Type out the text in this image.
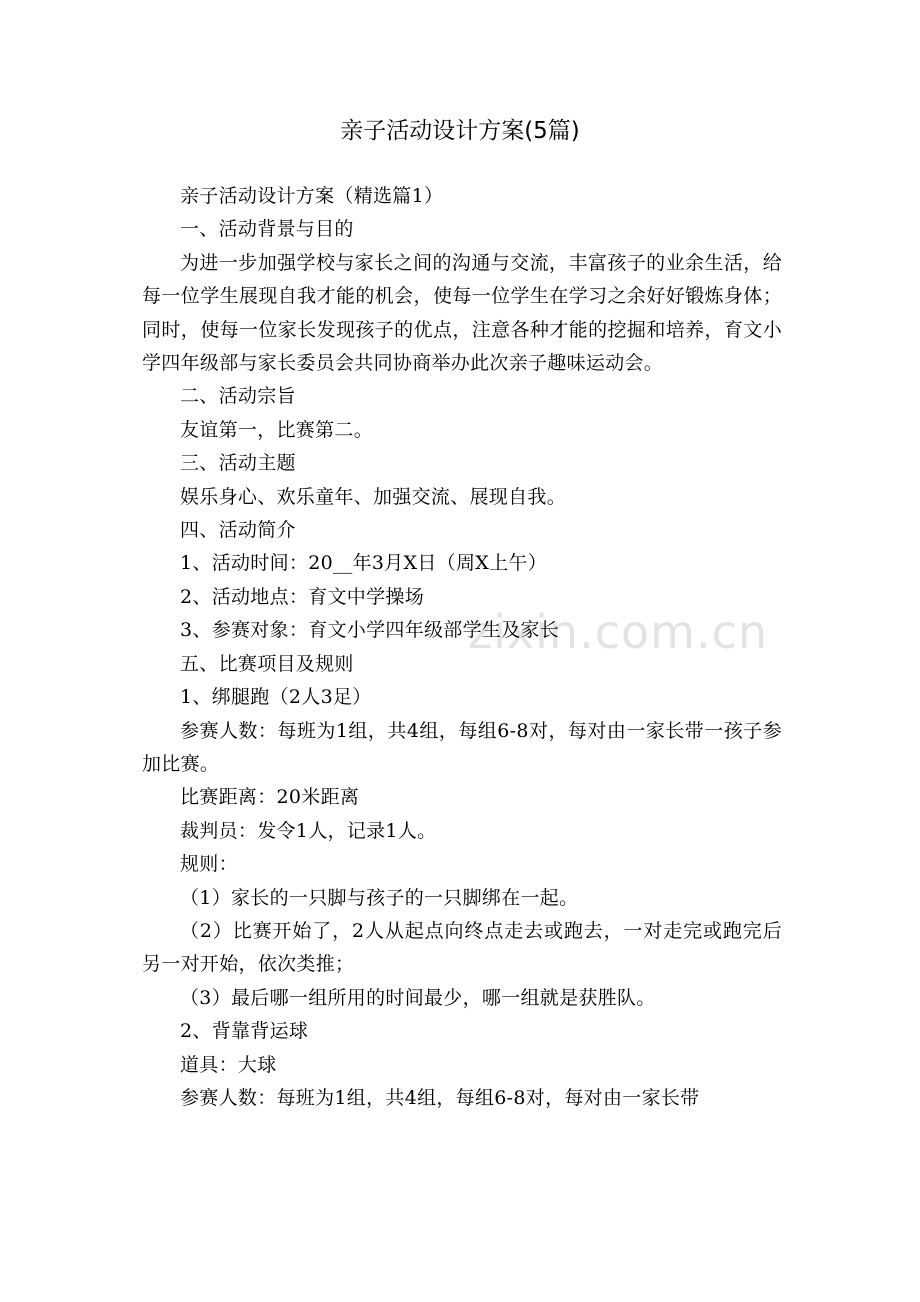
zixin.com.cn
亲子活动设计方案(5篇)

亲子活动设计方案（精选篇1）

一、活动背景与目的

为进一步加强学校与家长之间的沟通与交流，丰富孩子的业余生活，给每一位学生展现自我才能的机会，使每一位学生在学习之余好好锻炼身体；同时，使每一位家长发现孩子的优点，注意各种才能的挖掘和培养，育文小学四年级部与家长委员会共同协商举办此次亲子趣味运动会。

二、活动宗旨

友谊第一，比赛第二。

三、活动主题

娱乐身心、欢乐童年、加强交流、展现自我。

四、活动简介

1、活动时间：20__年3月X日（周X上午）

2、活动地点：育文中学操场

3、参赛对象：育文小学四年级部学生及家长

五、比赛项目及规则

1、绑腿跑（2人3足）

参赛人数：每班为1组，共4组，每组6-8对，每对由一家长带一孩子参加比赛。

比赛距离：20米距离

裁判员：发令1人，记录1人。

规则：

（1）家长的一只脚与孩子的一只脚绑在一起。

（2）比赛开始了，2人从起点向终点走去或跑去，一对走完或跑完后另一对开始，依次类推；

（3）最后哪一组所用的时间最少，哪一组就是获胜队。

2、背靠背运球

道具：大球

参赛人数：每班为1组，共4组，每组6-8对，每对由一家长带
